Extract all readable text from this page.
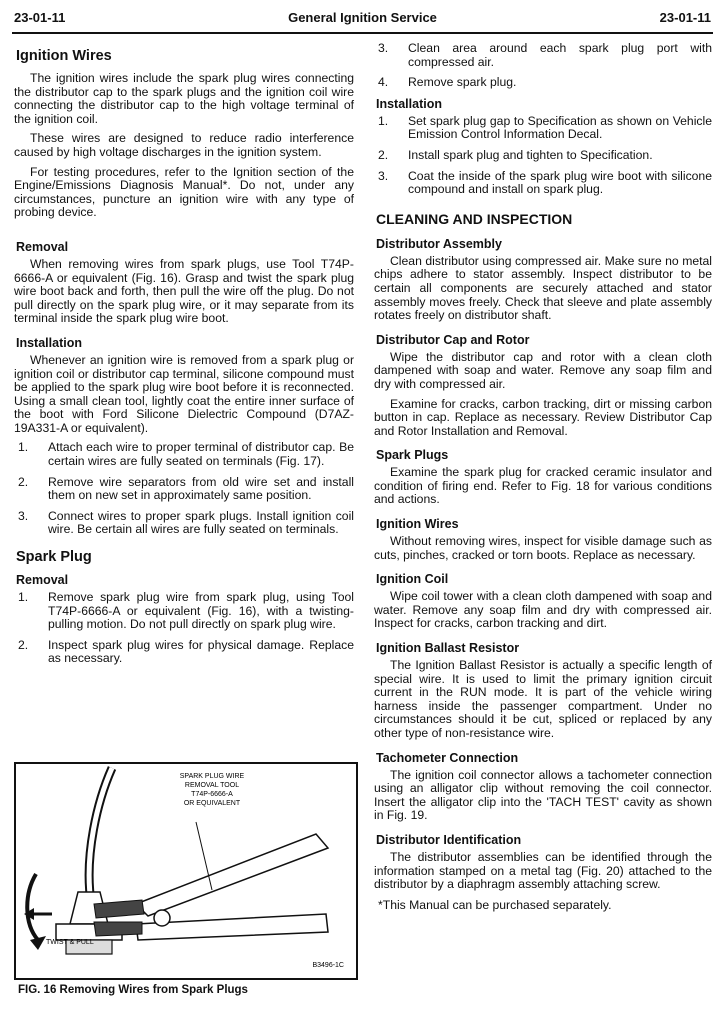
23-01-11	General Ignition Service	23-01-11
Ignition Wires

The ignition wires include the spark plug wires connecting the distributor cap to the spark plugs and the ignition coil wire connecting the distributor cap to the high voltage terminal of the ignition coil.

These wires are designed to reduce radio interference caused by high voltage discharges in the ignition system.

For testing procedures, refer to the Ignition section of the Engine/Emissions Diagnosis Manual*. Do not, under any circumstances, puncture an ignition wire with any type of probing device.

Removal

When removing wires from spark plugs, use Tool T74P-6666-A or equivalent (Fig. 16). Grasp and twist the spark plug wire boot back and forth, then pull the wire off the plug. Do not pull directly on the spark plug wire, or it may separate from its terminal inside the spark plug wire boot.

Installation

Whenever an ignition wire is removed from a spark plug or ignition coil or distributor cap terminal, silicone compound must be applied to the spark plug wire boot before it is reconnected. Using a small clean tool, lightly coat the entire inner surface of the boot with Ford Silicone Dielectric Compound (D7AZ-19A331-A or equivalent).

1. Attach each wire to proper terminal of distributor cap. Be certain wires are fully seated on terminals (Fig. 17).
2. Remove wire separators from old wire set and install them on new set in approximately same position.
3. Connect wires to proper spark plugs. Install ignition coil wire. Be certain all wires are fully seated on terminals.
Spark Plug
Removal
1. Remove spark plug wire from spark plug, using Tool T74P-6666-A or equivalent (Fig. 16), with a twisting-pulling motion. Do not pull directly on spark plug wire.
2. Inspect spark plug wires for physical damage. Replace as necessary.
SPARK PLUG WIRE
REMOVAL TOOL
T74P-6666-A
OR EQUIVALENT
TWIST & PULL
B3496-1C
FIG. 16 Removing Wires from Spark Plugs
3. Clean area around each spark plug port with compressed air.
4. Remove spark plug.
Installation
1. Set spark plug gap to Specification as shown on Vehicle Emission Control Information Decal.
2. Install spark plug and tighten to Specification.
3. Coat the inside of the spark plug wire boot with silicone compound and install on spark plug.
CLEANING AND INSPECTION
Distributor Assembly

Clean distributor using compressed air. Make sure no metal chips adhere to stator assembly. Inspect distributor to be certain all components are securely attached and stator assembly moves freely. Check that sleeve and plate assembly rotates freely on distributor shaft.

Distributor Cap and Rotor

Wipe the distributor cap and rotor with a clean cloth dampened with soap and water. Remove any soap film and dry with compressed air.

Examine for cracks, carbon tracking, dirt or missing carbon button in cap. Replace as necessary. Review Distributor Cap and Rotor Installation and Removal.

Spark Plugs

Examine the spark plug for cracked ceramic insulator and condition of firing end. Refer to Fig. 18 for various conditions and actions.

Ignition Wires

Without removing wires, inspect for visible damage such as cuts, pinches, cracked or torn boots. Replace as necessary.

Ignition Coil

Wipe coil tower with a clean cloth dampened with soap and water. Remove any soap film and dry with compressed air. Inspect for cracks, carbon tracking and dirt.

Ignition Ballast Resistor

The Ignition Ballast Resistor is actually a specific length of special wire. It is used to limit the primary ignition circuit current in the RUN mode. It is part of the vehicle wiring harness inside the passenger compartment. Under no circumstances should it be cut, spliced or replaced by any other type of non-resistance wire.

Tachometer Connection

The ignition coil connector allows a tachometer connection using an alligator clip without removing the coil connector. Insert the alligator clip into the 'TACH TEST' cavity as shown in Fig. 19.

Distributor Identification

The distributor assemblies can be identified through the information stamped on a metal tag (Fig. 20) attached to the distributor by a diaphragm assembly attaching screw.

*This Manual can be purchased separately.
